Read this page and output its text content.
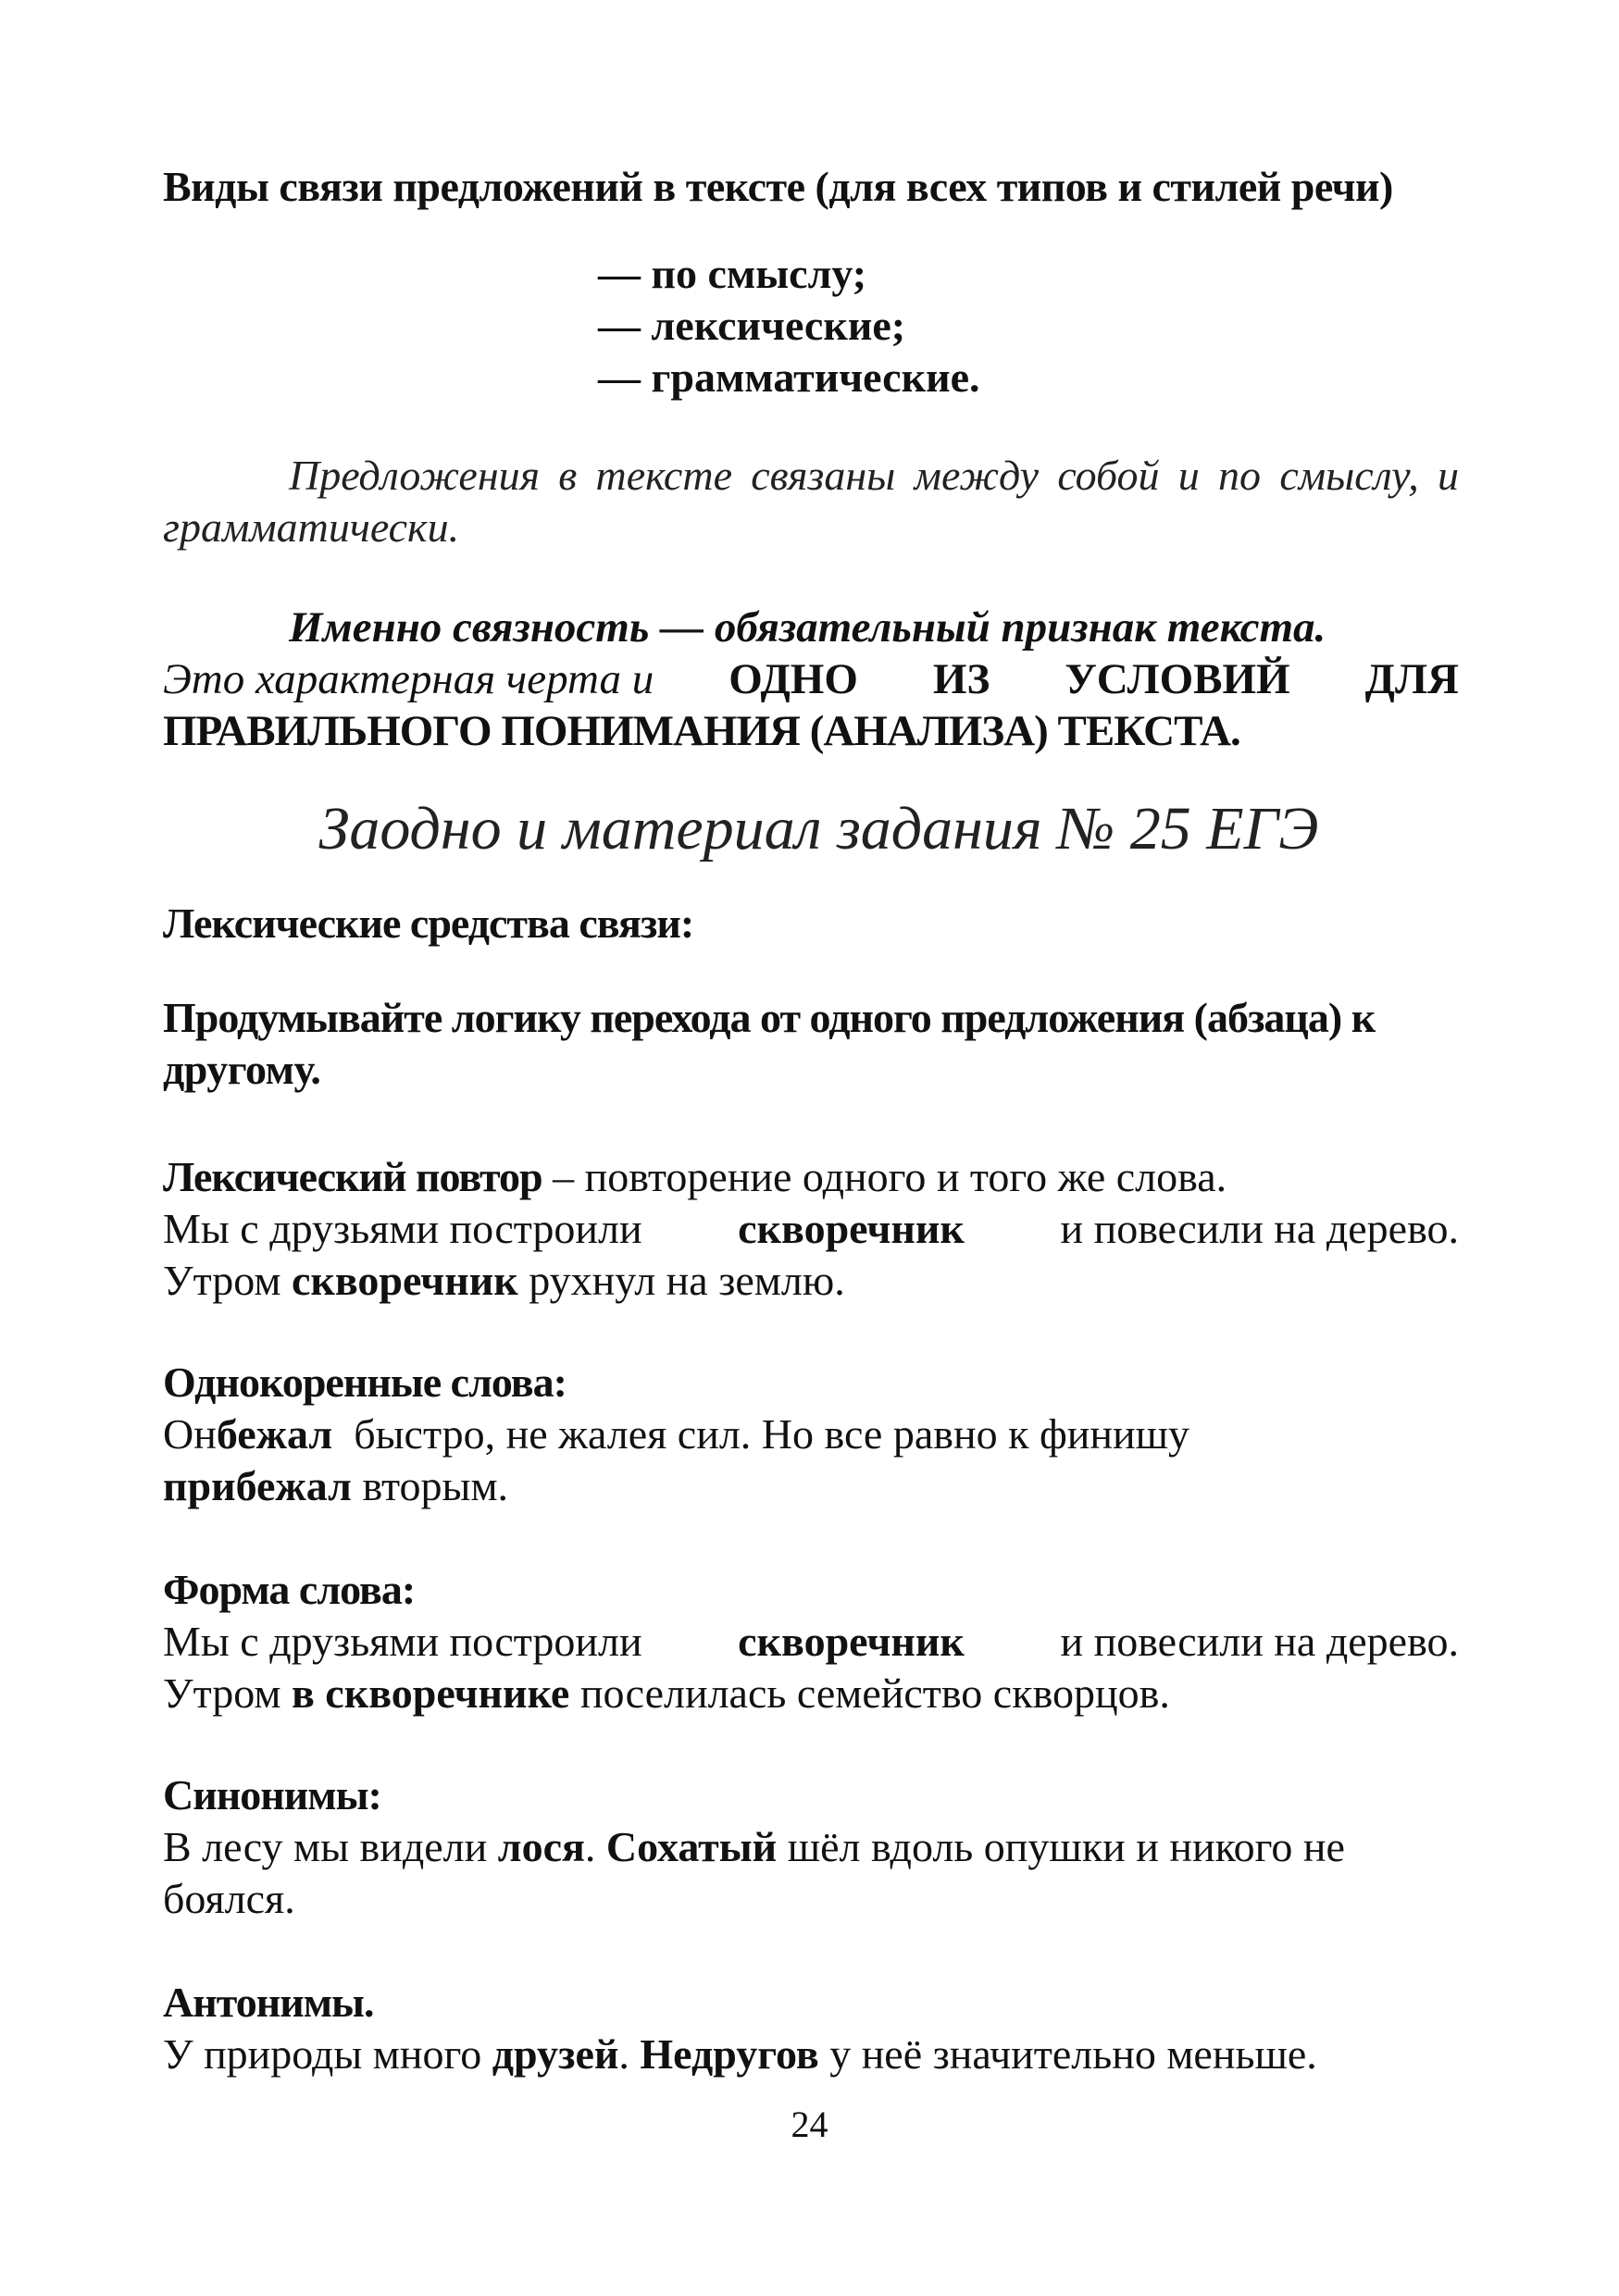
Виды связи предложений в тексте (для всех типов и стилей речи)
— по смыслу;
— лексические;
— грамматические.
Предложения в тексте связаны между собой и по смыслу, и грамматически.
Именно связность — обязательный признак текста.
Это характерная черта и ОДНО ИЗ УСЛОВИЙ ДЛЯ
ПРАВИЛЬНОГО ПОНИМАНИЯ (АНАЛИЗА) ТЕКСТА.
Заодно и материал задания № 25 ЕГЭ
Лексические средства связи:
Продумывайте логику перехода от одного предложения (абзаца) к
другому.
Лексический повтор – повторение одного и того же слова.
Мы с друзьями построили скворечник и повесили на дерево.
Утром скворечник рухнул на землю.
Однокоренные слова:
Он бежал быстро, не жалея сил. Но все равно к финишу
прибежал вторым.
Форма слова:
Мы с друзьями построили скворечник и повесили на дерево.
Утром в скворечнике поселилась семейство скворцов.
Синонимы:
В лесу мы видели лося. Сохатый шёл вдоль опушки и никого не
боялся.
Антонимы.
У природы много друзей. Недругов у неё значительно меньше.
24
